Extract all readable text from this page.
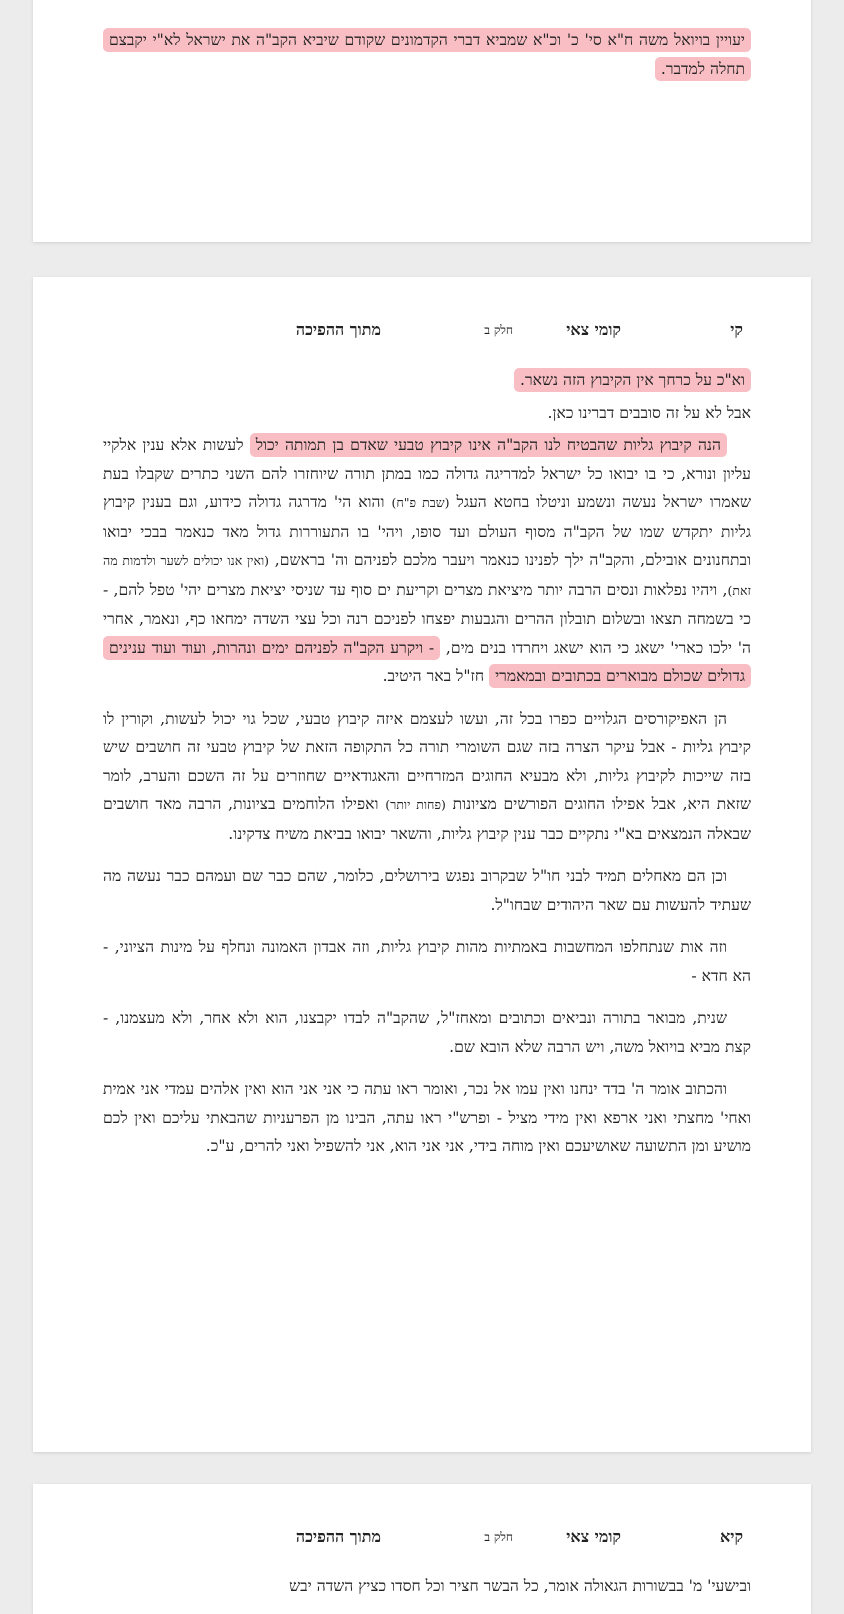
יעויין בויואל משה ח"א סי' כ' וכ"א שמביא דברי הקדמונים שקודם שיביא הקב"ה את ישראל לא"י יקבצם תחלה למדבר.

קי
קומי צאי
חלק ב
מתוך ההפיכה

וא"כ על כרחך אין הקיבוץ הזה נשאר.

אבל לא על זה סובבים דברינו כאן.

הנה קיבוץ גליות שהבטיח לנו הקב"ה אינו קיבוץ טבעי שאדם בן תמותה יכול לעשות אלא ענין אלקיי עליון ונורא, כי בו יבואו כל ישראל למדריגה גדולה כמו במתן תורה שיוחזרו להם השני כתרים שקבלו בעת שאמרו ישראל נעשה ונשמע וניטלו בחטא העגל (שבת פ"ח) והוא הי' מדרגה גדולה כידוע, וגם בענין קיבוץ גליות יתקדש שמו של הקב"ה מסוף העולם ועד סופו, ויהי' בו התעוררות גדול מאד כנאמר בבכי יבואו ובתחנונים אובילם, והקב"ה ילך לפנינו כנאמר ויעבר מלכם לפניהם וה' בראשם, (ואין אנו יכולים לשער ולדמות מה זאת), ויהיו נפלאות ונסים הרבה יותר מיציאת מצרים וקריעת ים סוף עד שניסי יציאת מצרים יהי' טפל להם, - כי בשמחה תצאו ובשלום תובלון ההרים והגבעות יפצחו לפניכם רנה וכל עצי השדה ימחאו כף, ונאמר, אחרי ה' ילכו כארי' ישאג כי הוא ישאג ויחרדו בנים מים, - ויקרע הקב"ה לפניהם ימים ונהרות, ועוד ועוד ענינים גדולים שכולם מבוארים בכתובים ובמאמרי חז"ל באר היטיב.

הן האפיקורסים הגלויים כפרו בכל זה, ועשו לעצמם איזה קיבוץ טבעי, שכל גוי יכול לעשות, וקורין לו קיבוץ גליות - אבל עיקר הצרה בזה שגם השומרי תורה כל התקופה הזאת של קיבוץ טבעי זה חושבים שיש בזה שייכות לקיבוץ גליות, ולא מבעיא החוגים המזרחיים והאגודאיים שחוזרים על זה השכם והערב, לומר שזאת היא, אבל אפילו החוגים הפורשים מציונות (פחות יותר) ואפילו הלוחמים בציונות, הרבה מאד חושבים שבאלה הנמצאים בא"י נתקיים כבר ענין קיבוץ גליות, והשאר יבואו בביאת משיח צדקינו.

וכן הם מאחלים תמיד לבני חו"ל שבקרוב נפגש בירושלים, כלומר, שהם כבר שם ועמהם כבר נעשה מה שעתיד להעשות עם שאר היהודים שבחו"ל.

וזה אות שנתחלפו המחשבות באמתיות מהות קיבוץ גליות, וזה אבדון האמונה ונחלף על מינות הציוני, - הא חדא -

שנית, מבואר בתורה ונביאים וכתובים ומאחז"ל, שהקב"ה לבדו יקבצנו, הוא ולא אחר, ולא מעצמנו, - קצת מביא בויואל משה, ויש הרבה שלא הובא שם.

והכתוב אומר ה' בדד ינחנו ואין עמו אל נכר, ואומר ראו עתה כי אני אני הוא ואין אלהים עמדי אני אמית ואחי' מחצתי ואני ארפא ואין מידי מציל - ופרש"י ראו עתה, הבינו מן הפרעניות שהבאתי עליכם ואין לכם מושיע ומן התשועה שאושיעכם ואין מוחה בידי, אני אני הוא, אני להשפיל ואני להרים, ע"כ.

קיא
קומי צאי
חלק ב
מתוך ההפיכה

ובישעי' מ' בבשורות הגאולה אומר, כל הבשר חציר וכל חסדו כציץ השדה יבש
